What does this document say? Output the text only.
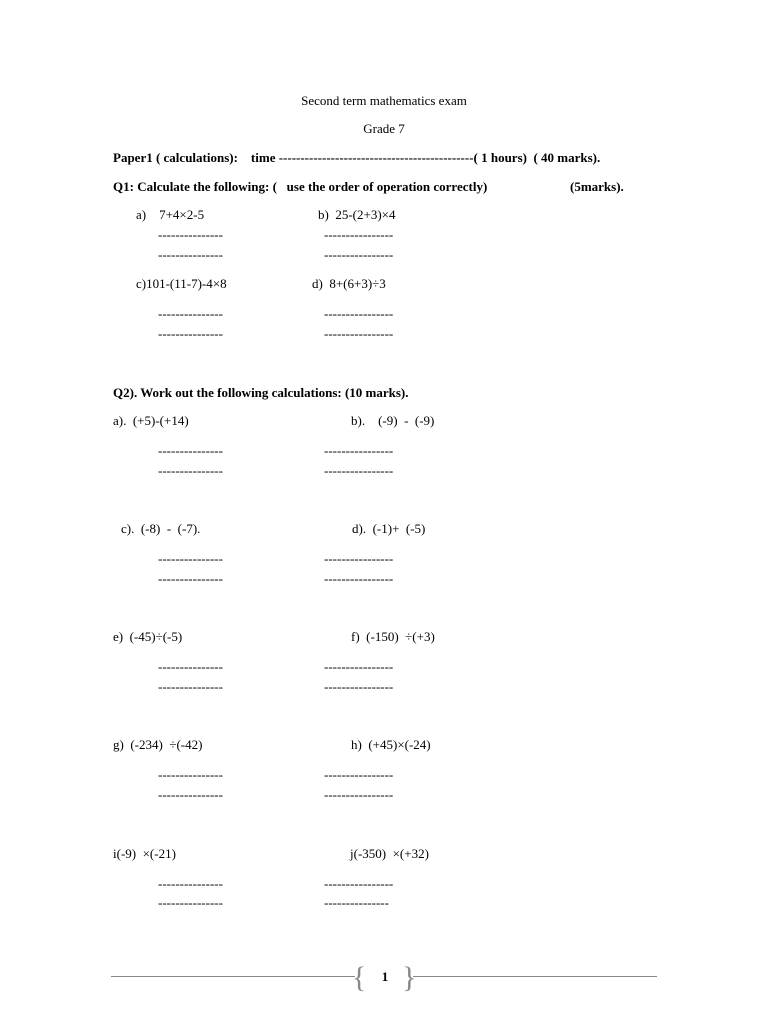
Second term mathematics exam
Grade 7
Paper1 ( calculations):    time ---------------------------------------------( 1 hours)  ( 40 marks).
Q1: Calculate the following: (   use the order of operation correctly)	(5marks).
a)    7+4×2-5	b)  25-(2+3)×4
---------------	----------------
---------------	----------------
c)101-(11-7)-4×8	d)  8+(6+3)÷3
---------------	----------------
---------------	----------------
Q2). Work out the following calculations: (10 marks).
a).  (+5)-(+14)	b).    (-9)  -  (-9)
---------------	----------------
---------------	----------------
c).  (-8)  -  (-7).	d).  (-1)+  (-5)
---------------	----------------
---------------	----------------
e)  (-45)÷(-5)	f)  (-150)  ÷(+3)
---------------	----------------
---------------	----------------
g)  (-234)  ÷(-42)	h)  (+45)×(-24)
---------------	----------------
---------------	----------------
i(-9)  ×(-21)	j(-350)  ×(+32)
---------------	----------------
---------------	---------------
{ }
1
